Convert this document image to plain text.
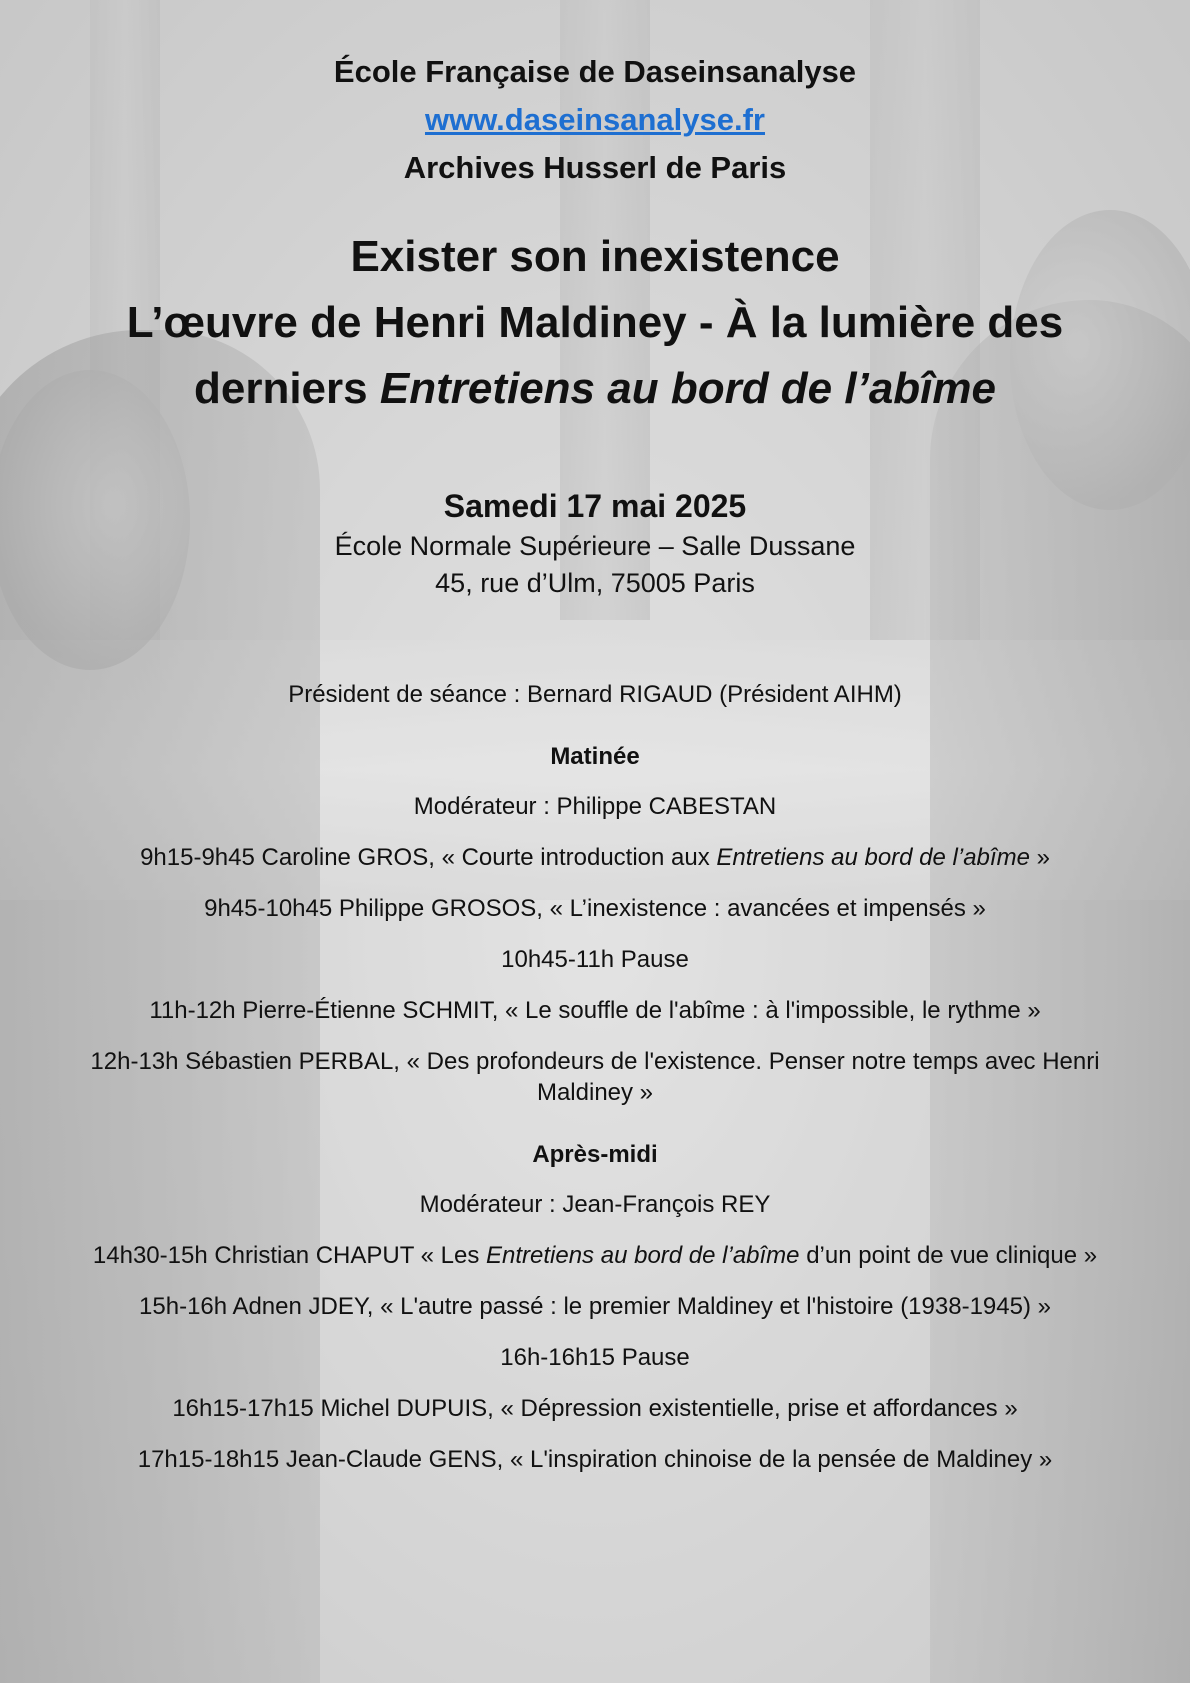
École Française de Daseinsanalyse

www.daseinsanalyse.fr

Archives Husserl de Paris

Exister son inexistence

L’œuvre de Henri Maldiney - À la lumière des

derniers Entretiens au bord de l’abîme

Samedi 17 mai 2025

École Normale Supérieure – Salle Dussane

45, rue d’Ulm, 75005 Paris

Président de séance : Bernard RIGAUD (Président AIHM)

Matinée

Modérateur : Philippe CABESTAN

9h15-9h45 Caroline GROS, « Courte introduction aux Entretiens au bord de l’abîme »

9h45-10h45 Philippe GROSOS, « L’inexistence : avancées et impensés »

10h45-11h Pause

11h-12h Pierre-Étienne SCHMIT, « Le souffle de l'abîme : à l'impossible, le rythme »

12h-13h Sébastien PERBAL, « Des profondeurs de l'existence. Penser notre temps avec Henri Maldiney »

Après-midi

Modérateur : Jean-François REY

14h30-15h Christian CHAPUT « Les Entretiens au bord de l’abîme d’un point de vue clinique »

15h-16h Adnen JDEY, « L'autre passé : le premier Maldiney et l'histoire (1938-1945) »

16h-16h15 Pause

16h15-17h15 Michel DUPUIS, « Dépression existentielle, prise et affordances »

17h15-18h15 Jean-Claude GENS, « L'inspiration chinoise de la pensée de Maldiney »
